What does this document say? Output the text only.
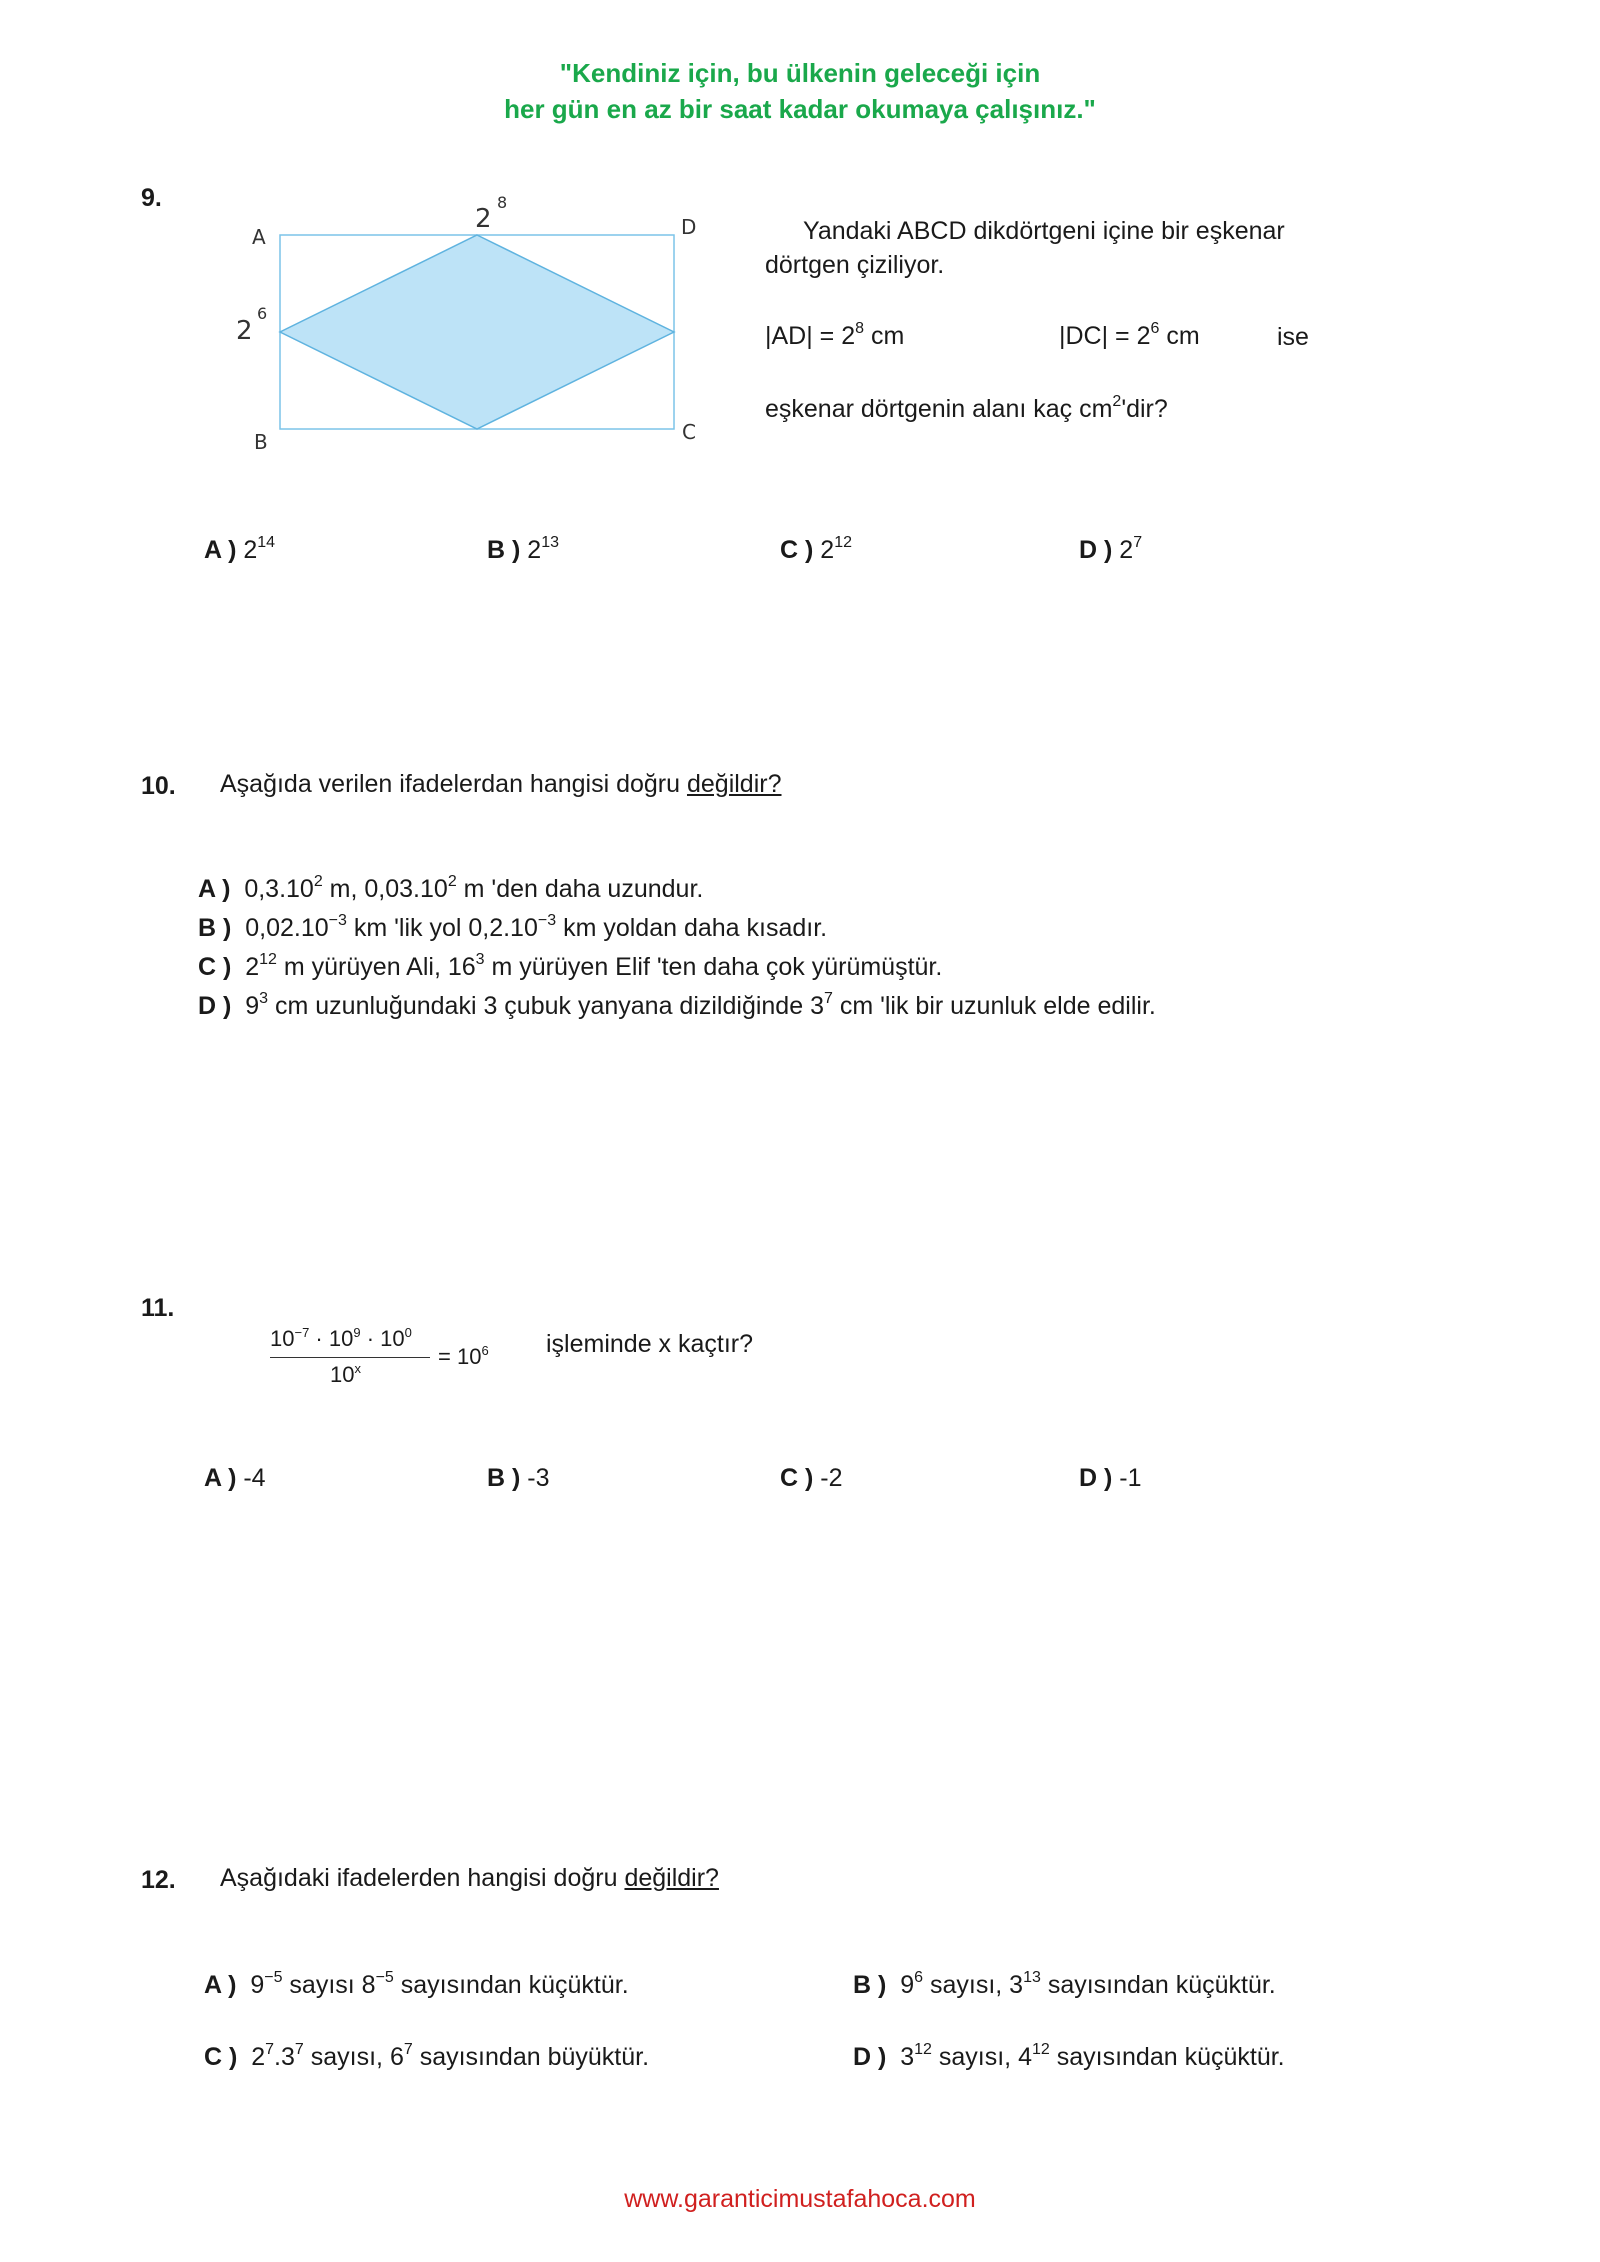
"Kendiniz için, bu ülkenin geleceği için
her gün en az bir saat kadar okumaya çalışınız."
9.
A	D
B	C
2
8
2
6
Yandaki ABCD dikdörtgeni içine bir eşkenar
dörtgen çiziliyor.
$|AD| = 2^8$ cm	$|DC| = 2^6$ cm	ise
eşkenar dörtgenin alanı kaç $cm^2'dir$?
A ) $2^{14}$	B ) $2^{13}$	C ) $2^{12}$	D ) $2^7$
10. Aşağıda verilen ifadelerdan hangisi doğru değildir?
A ) 0,3.10$^2$ m, 0,03.10$^2$ m 'den daha uzundur.
B ) $0,02.10^{-3}$ km 'lik yol $0,2.10^{-3}$ km yoldan daha kısadır.
C ) $2^{12}$ m yürüyen Ali, $16^3$ m yürüyen Elif 'ten daha çok yürümüştür.
D ) $9^3$ cm uzunluğundaki 3 çubuk yanyana dizildiğinde $3^7$ cm 'lik bir uzunluk elde edilir.
11.
$10^{-7} \cdot 10^9 \cdot 10^0$
$10^x$	= $10^6$ işleminde x kaçtır?
A ) -4	B ) -3	C ) -2	D ) -1
12. Aşağıdaki ifadelerden hangisi doğru değildir?
A ) $9^{-5}$ sayısı $8^{-5}$ sayısından küçüktür.	B ) $9^6$ sayısı, $3^{13}$ sayısından küçüktür.
C ) $2^7.3^7$ sayısı, $6^7$ sayısından büyüktür.	D ) $3^{12}$ sayısı, $4^{12}$ sayısından küçüktür.
www.garanticimustafahoca.com
